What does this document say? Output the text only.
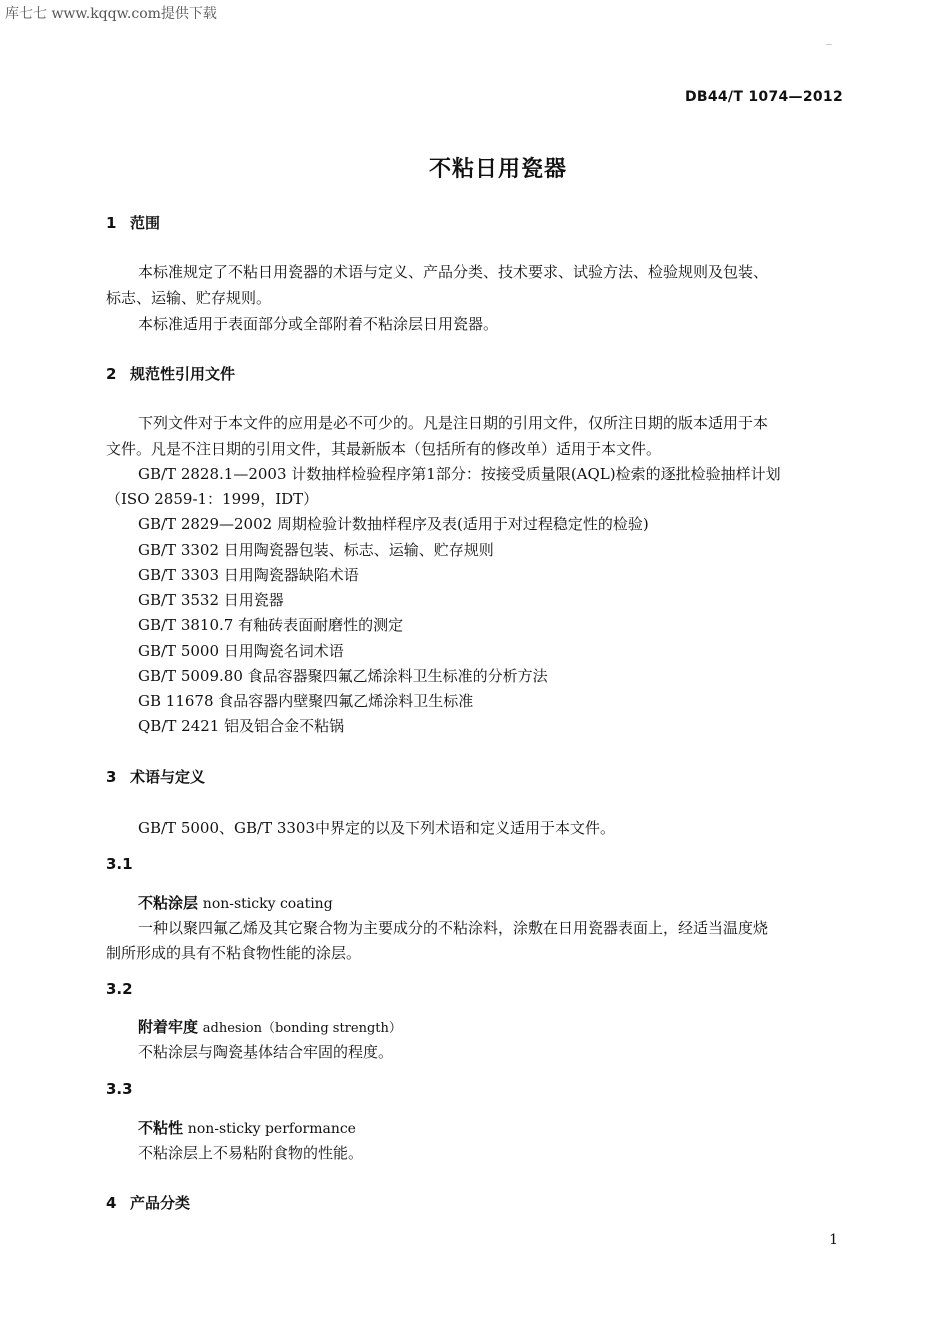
库七七 www.kqqw.com提供下载
DB44/T 1074—2012
不粘日用瓷器
1 范围
本标准规定了不粘日用瓷器的术语与定义、产品分类、技术要求、试验方法、检验规则及包装、
标志、运输、贮存规则。
本标准适用于表面部分或全部附着不粘涂层日用瓷器。
2 规范性引用文件
下列文件对于本文件的应用是必不可少的。凡是注日期的引用文件，仅所注日期的版本适用于本
文件。凡是不注日期的引用文件，其最新版本（包括所有的修改单）适用于本文件。
GB/T 2828.1—2003 计数抽样检验程序第1部分：按接受质量限(AQL)检索的逐批检验抽样计划
（ISO 2859-1：1999，IDT）
GB/T 2829—2002 周期检验计数抽样程序及表(适用于对过程稳定性的检验)
GB/T 3302 日用陶瓷器包装、标志、运输、贮存规则
GB/T 3303 日用陶瓷器缺陷术语
GB/T 3532 日用瓷器
GB/T 3810.7 有釉砖表面耐磨性的测定
GB/T 5000 日用陶瓷名词术语
GB/T 5009.80 食品容器聚四氟乙烯涂料卫生标准的分析方法
GB 11678 食品容器内壁聚四氟乙烯涂料卫生标准
QB/T 2421 铝及铝合金不粘锅
3 术语与定义
GB/T 5000、GB/T 3303中界定的以及下列术语和定义适用于本文件。
3.1
不粘涂层 non-sticky coating
一种以聚四氟乙烯及其它聚合物为主要成分的不粘涂料，涂敷在日用瓷器表面上，经适当温度烧
制所形成的具有不粘食物性能的涂层。
3.2
附着牢度 adhesion（bonding strength）
不粘涂层与陶瓷基体结合牢固的程度。
3.3
不粘性 non-sticky performance
不粘涂层上不易粘附食物的性能。
4 产品分类
1
